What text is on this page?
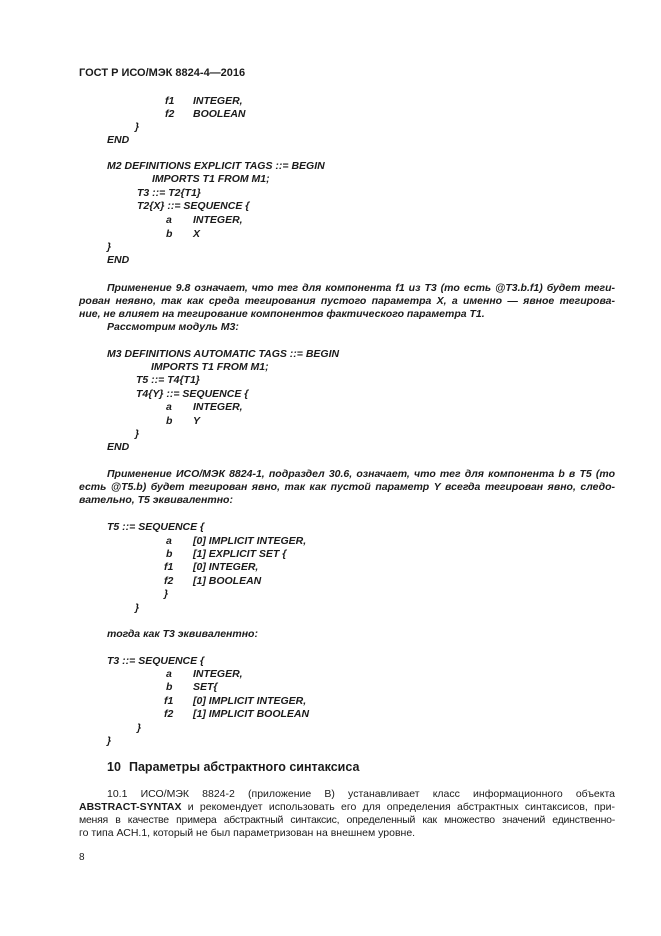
ГОСТ Р ИСО/МЭК 8824-4—2016
f1 INTEGER,
f2 BOOLEAN
}
END
M2 DEFINITIONS EXPLICIT TAGS ::= BEGIN
IMPORTS T1 FROM M1;
T3 ::= T2{T1}
T2{X} ::= SEQUENCE {
a INTEGER,
b X
}
END
Применение 9.8 означает, что тег для компонента f1 из T3 (то есть @T3.b.f1) будет теги-
рован неявно, так как среда тегирования пустого параметра X, а именно — явное тегирова-
ние, не влияет на тегирование компонентов фактического параметра T1.
Рассмотрим модуль M3:
M3 DEFINITIONS AUTOMATIC TAGS ::= BEGIN
IMPORTS T1 FROM M1;
T5 ::= T4{T1}
T4{Y} ::= SEQUENCE {
a INTEGER,
b Y
}
END
Применение ИСО/МЭК 8824-1, подраздел 30.6, означает, что тег для компонента b в T5 (то
есть @T5.b) будет тегирован явно, так как пустой параметр Y всегда тегирован явно, следо-
вательно, T5 эквивалентно:
T5 ::= SEQUENCE {
a [0] IMPLICIT INTEGER,
b [1] EXPLICIT SET {
f1 [0] INTEGER,
f2 [1] BOOLEAN
}
}
тогда как T3 эквивалентно:
T3 ::= SEQUENCE {
a INTEGER,
b SET{
f1 [0] IMPLICIT INTEGER,
f2 [1] IMPLICIT BOOLEAN
}
}
10 Параметры абстрактного синтаксиса
10.1 ИСО/МЭК 8824-2 (приложение B) устанавливает класс информационного объекта
ABSTRACT-SYNTAX и рекомендует использовать его для определения абстрактных синтаксисов, при-
меняя в качестве примера абстрактный синтаксис, определенный как множество значений единственно-
го типа АСН.1, который не был параметризован на внешнем уровне.
8
